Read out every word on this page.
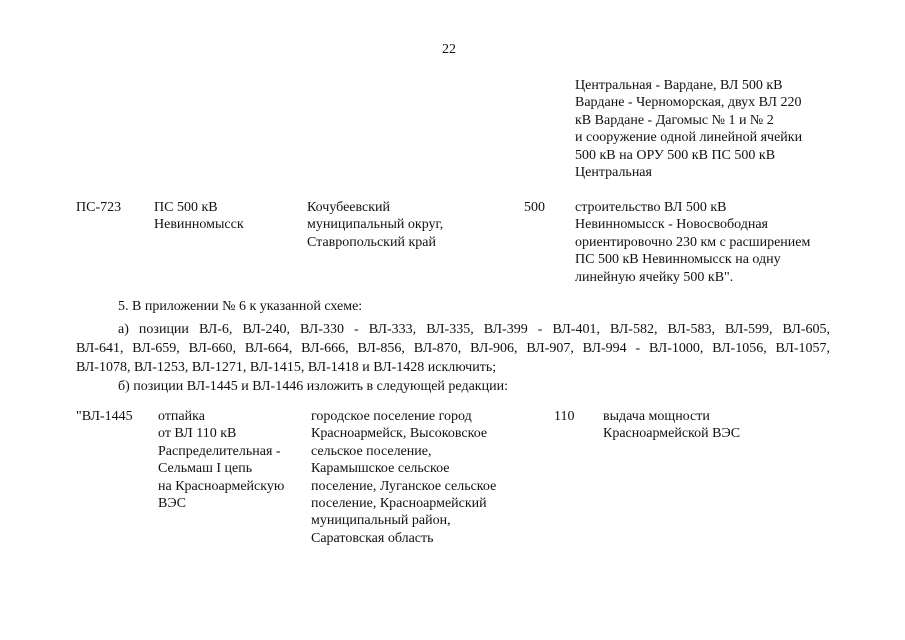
22
Центральная - Вардане, ВЛ 500 кВ
Вардане - Черноморская, двух ВЛ 220
кВ Вардане - Дагомыс № 1 и № 2
и сооружение одной линейной ячейки
500 кВ на ОРУ 500 кВ ПС 500 кВ
Центральная
ПС-723 ПС 500 кВ
Невинномысск
Кочубеевский
муниципальный округ,
Ставропольский край
500 строительство ВЛ 500 кВ
Невинномысск - Новосвободная
ориентировочно 230 км с расширением
ПС 500 кВ Невинномысск на одну
линейную ячейку 500 кВ".
5. В приложении № 6 к указанной схеме:
а) позиции ВЛ-6, ВЛ-240, ВЛ-330 - ВЛ-333, ВЛ-335, ВЛ-399 - ВЛ-401, ВЛ-582, ВЛ-583, ВЛ-599, ВЛ-605,
ВЛ-641, ВЛ-659, ВЛ-660, ВЛ-664, ВЛ-666, ВЛ-856, ВЛ-870, ВЛ-906, ВЛ-907, ВЛ-994 - ВЛ-1000, ВЛ-1056, ВЛ-1057,
ВЛ-1078, ВЛ-1253, ВЛ-1271, ВЛ-1415, ВЛ-1418 и ВЛ-1428 исключить;
б) позиции ВЛ-1445 и ВЛ-1446 изложить в следующей редакции:
"ВЛ-1445 отпайка
от ВЛ 110 кВ
Распределительная -
Сельмаш I цепь
на Красноармейскую
ВЭС
городское поселение город
Красноармейск, Высоковское
сельское поселение,
Карамышское сельское
поселение, Луганское сельское
поселение, Красноармейский
муниципальный район,
Саратовская область
110 выдача мощности
Красноармейской ВЭС
